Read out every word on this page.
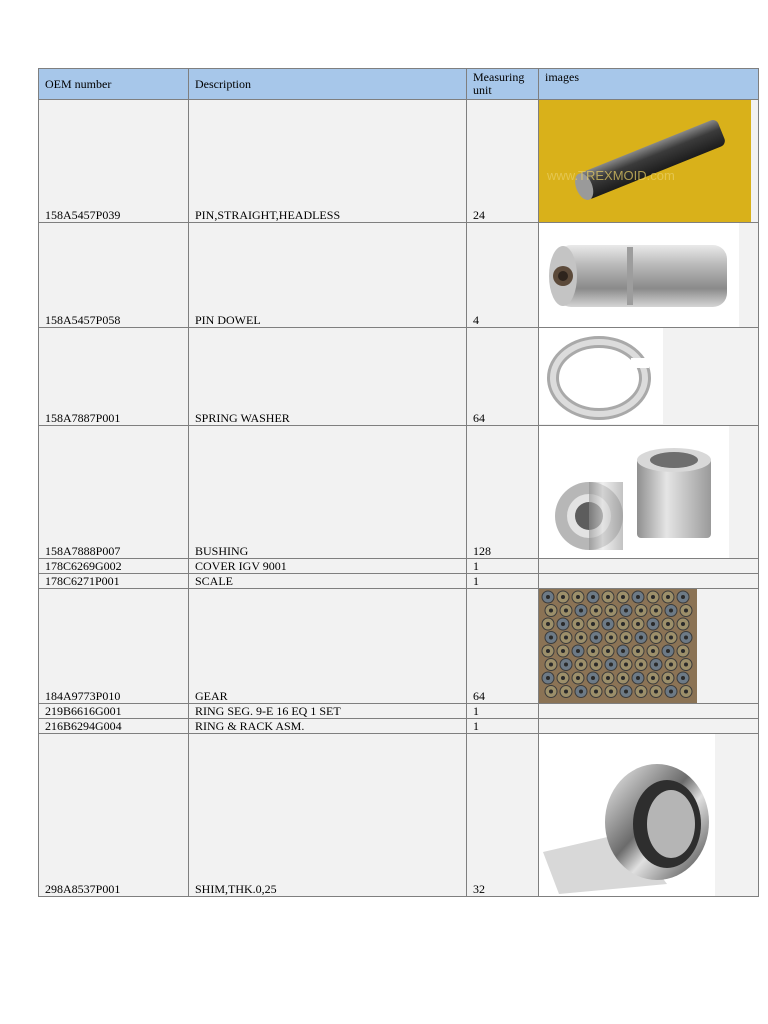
OEM number	Description	Measuring unit	images
158A5457P039	PIN,STRAIGHT,HEADLESS	24	www.TREXMOID.com

158A5457P058	PIN DOWEL	4	

158A7887P001	SPRING WASHER	64	

158A7888P007	BUSHING	128	

178C6269G002	COVER IGV 9001	1	
178C6271P001	SCALE	1	
184A9773P010	GEAR	64	

219B6616G001	RING SEG. 9-E 16 EQ 1 SET	1	
216B6294G004	RING & RACK ASM.	1	
298A8537P001	SHIM,THK.0,25	32	
